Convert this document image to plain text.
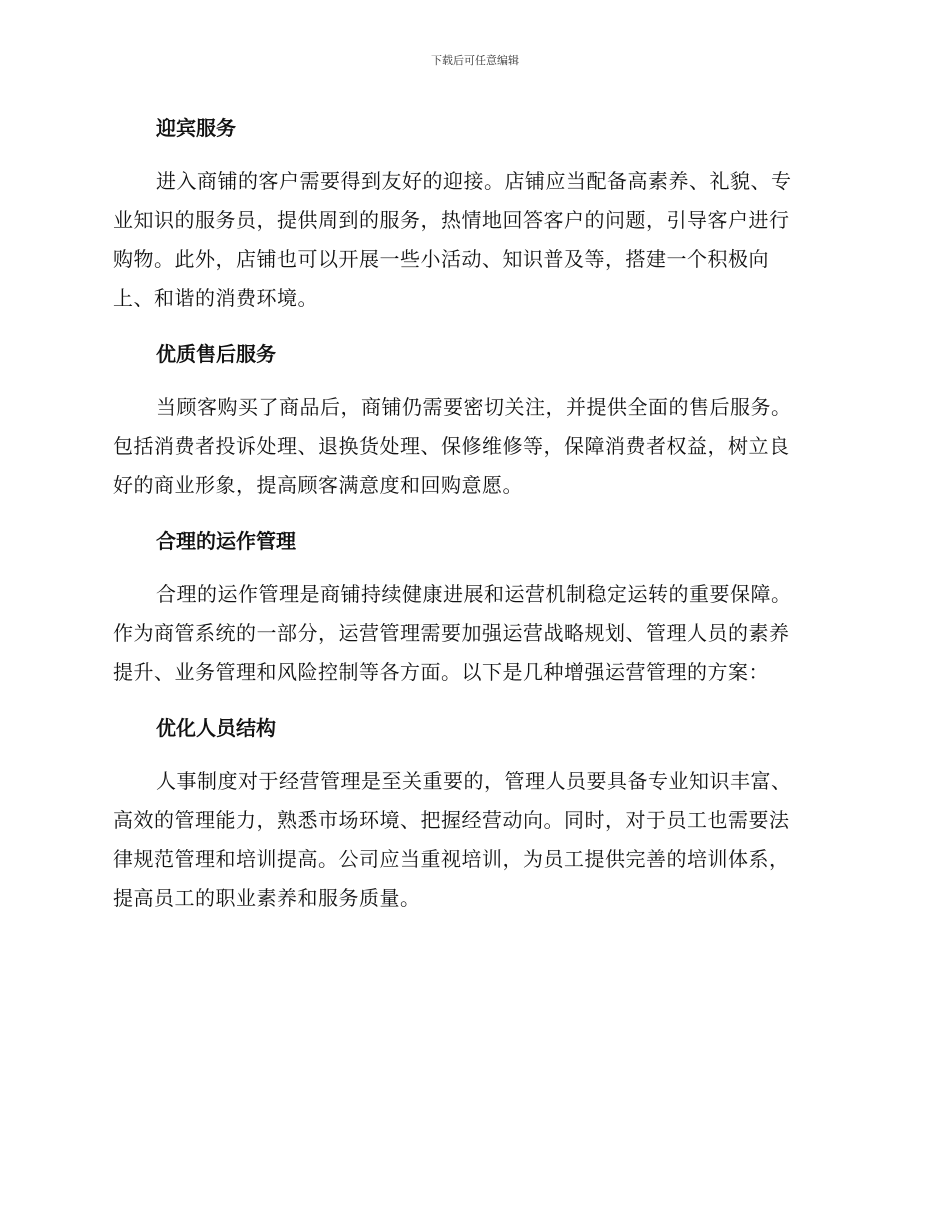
下载后可任意编辑
迎宾服务

进入商铺的客户需要得到友好的迎接。店铺应当配备高素养、礼貌、专
业知识的服务员，提供周到的服务，热情地回答客户的问题，引导客户进行
购物。此外，店铺也可以开展一些小活动、知识普及等，搭建一个积极向
上、和谐的消费环境。

优质售后服务

当顾客购买了商品后，商铺仍需要密切关注，并提供全面的售后服务。
包括消费者投诉处理、退换货处理、保修维修等，保障消费者权益，树立良
好的商业形象，提高顾客满意度和回购意愿。

合理的运作管理

合理的运作管理是商铺持续健康进展和运营机制稳定运转的重要保障。
作为商管系统的一部分，运营管理需要加强运营战略规划、管理人员的素养
提升、业务管理和风险控制等各方面。以下是几种增强运营管理的方案：

优化人员结构

人事制度对于经营管理是至关重要的，管理人员要具备专业知识丰富、
高效的管理能力，熟悉市场环境、把握经营动向。同时，对于员工也需要法
律规范管理和培训提高。公司应当重视培训，为员工提供完善的培训体系，
提高员工的职业素养和服务质量。
